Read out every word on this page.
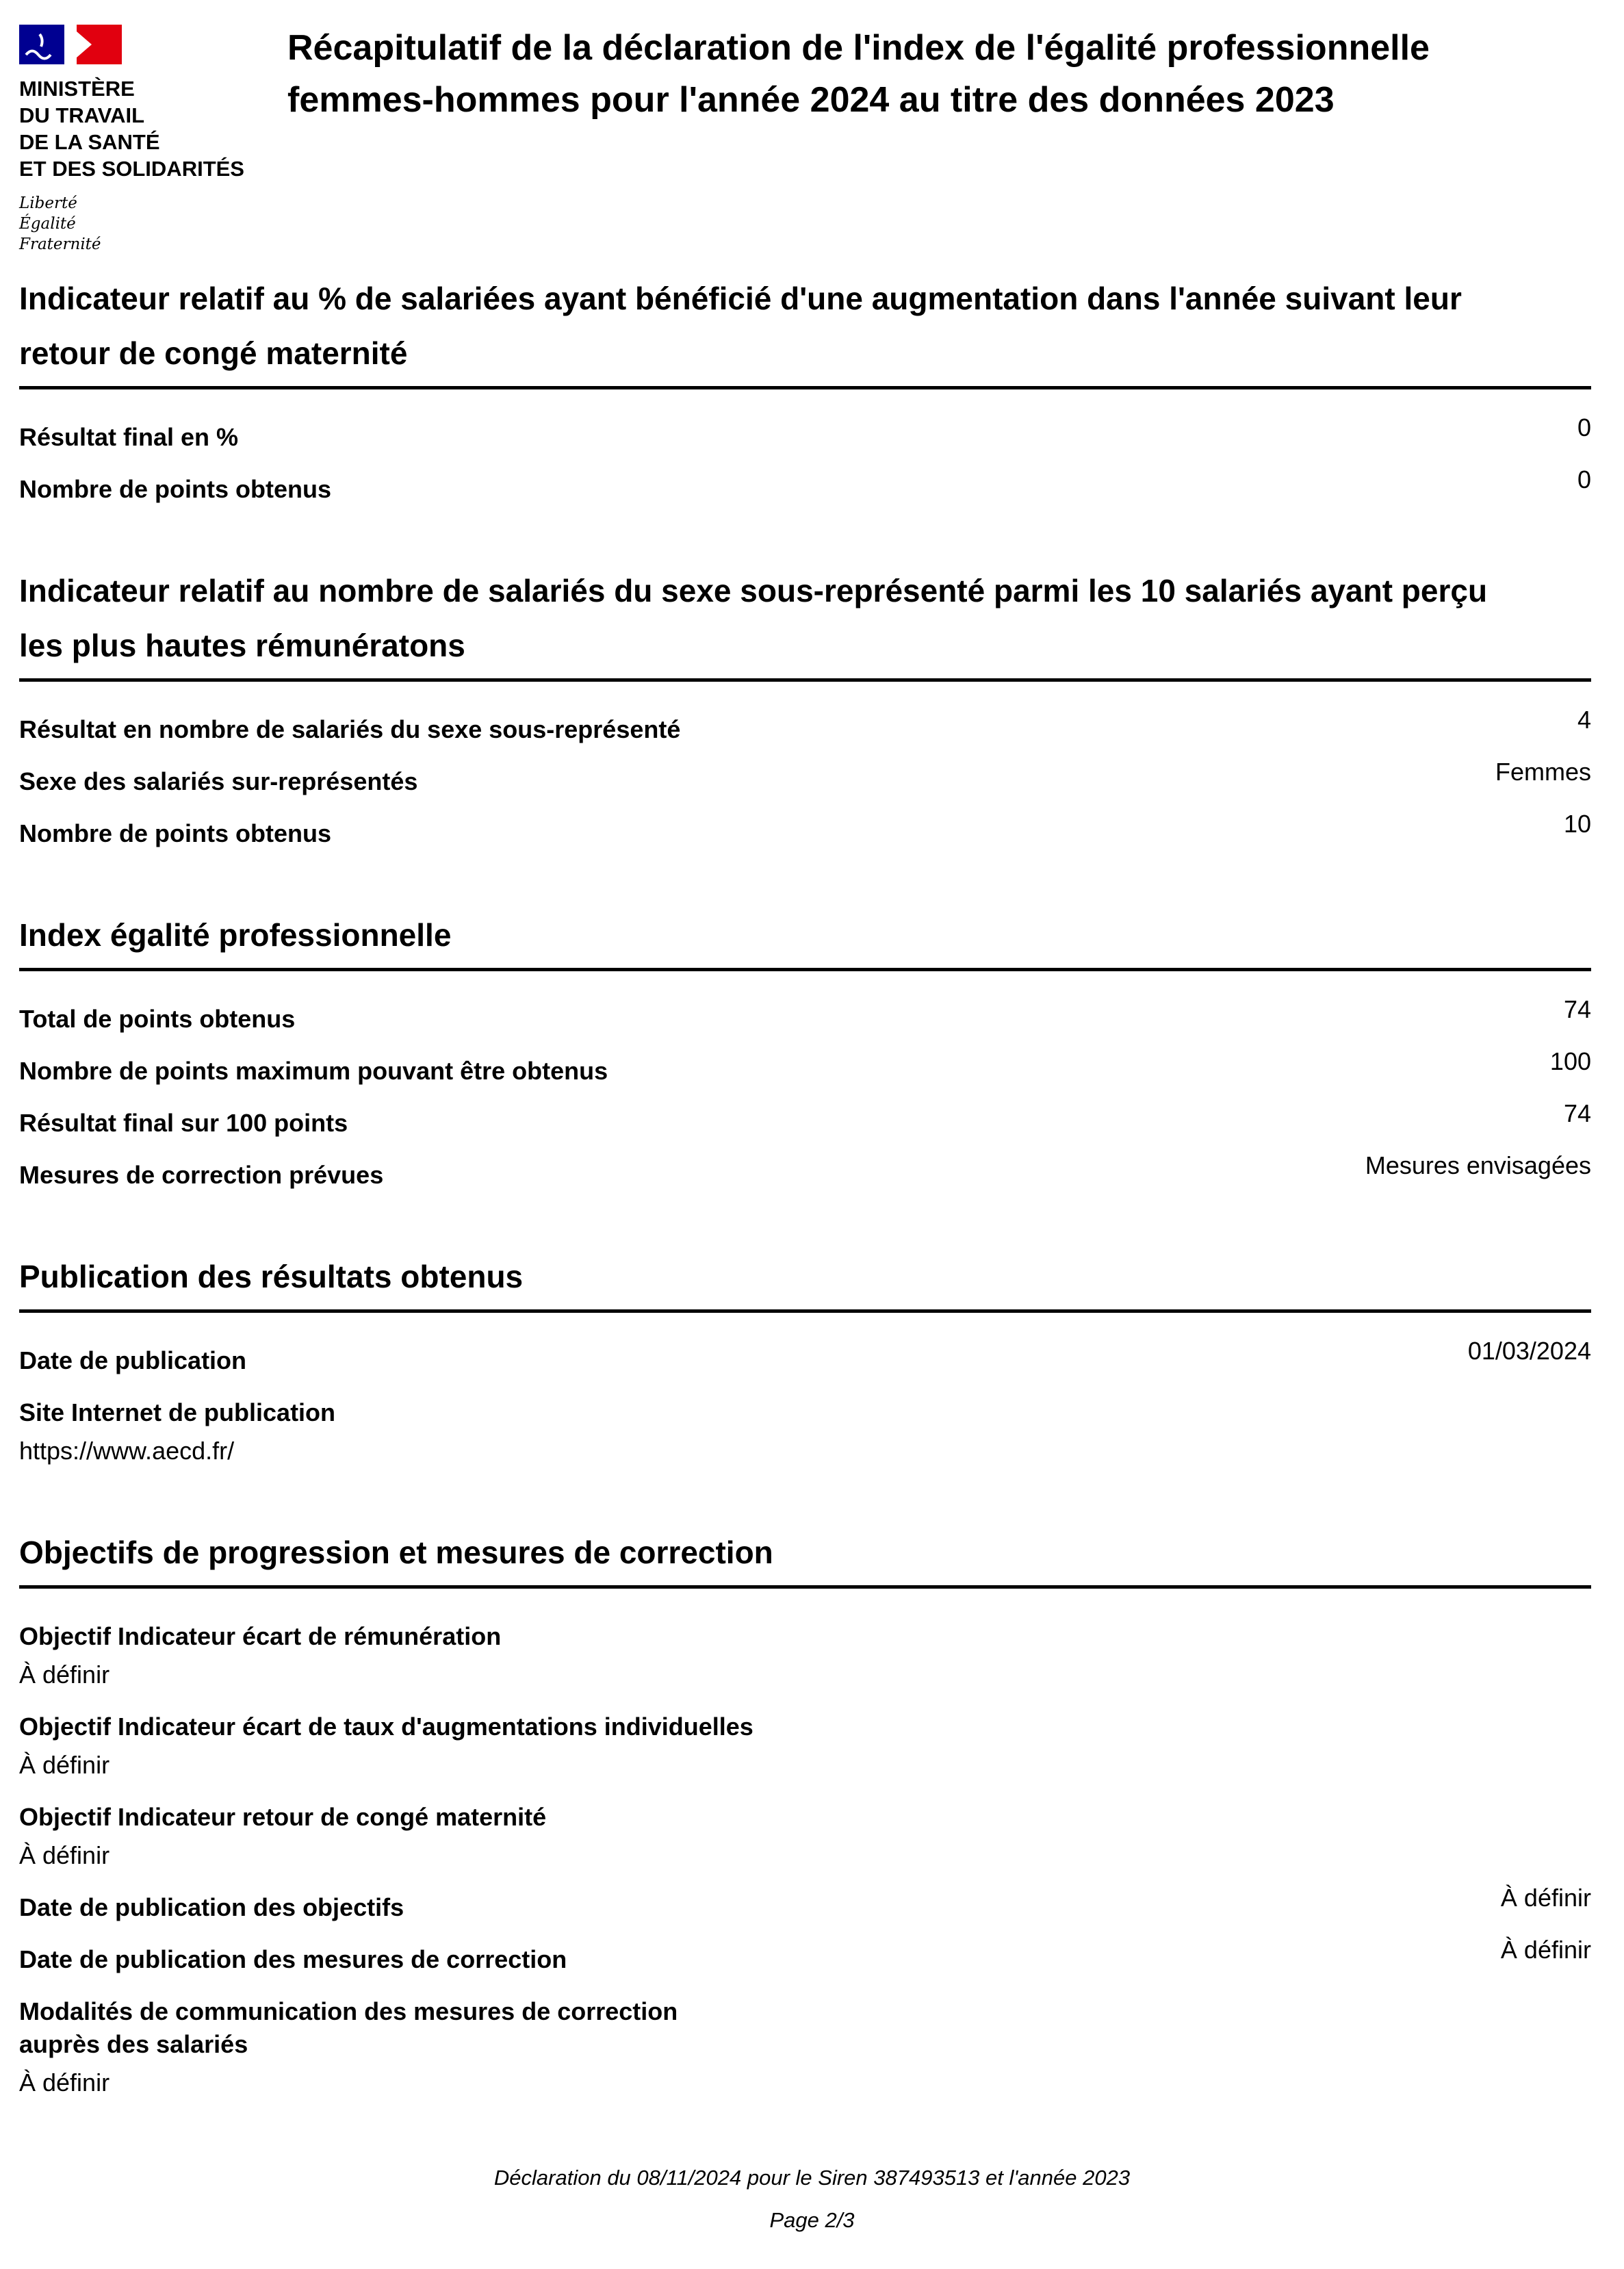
MINISTÈRE
DU TRAVAIL
DE LA SANTÉ
ET DES SOLIDARITÉS
Liberté
Égalité
Fraternité
Récapitulatif de la déclaration de l'index de l'égalité professionnelle femmes-hommes pour l'année 2024 au titre des données 2023
Indicateur relatif au % de salariées ayant bénéficié d'une augmentation dans l'année suivant leur retour de congé maternité
Résultat final en %	0
Nombre de points obtenus	0
Indicateur relatif au nombre de salariés du sexe sous-représenté parmi les 10 salariés ayant perçu les plus hautes rémunératons
Résultat en nombre de salariés du sexe sous-représenté	4
Sexe des salariés sur-représentés	Femmes
Nombre de points obtenus	10
Index égalité professionnelle
Total de points obtenus	74
Nombre de points maximum pouvant être obtenus	100
Résultat final sur 100 points	74
Mesures de correction prévues	Mesures envisagées
Publication des résultats obtenus
Date de publication	01/03/2024
Site Internet de publication
https://www.aecd.fr/
Objectifs de progression et mesures de correction
Objectif Indicateur écart de rémunération
À définir
Objectif Indicateur écart de taux d'augmentations individuelles
À définir
Objectif Indicateur retour de congé maternité
À définir
Date de publication des objectifs	À définir
Date de publication des mesures de correction	À définir
Modalités de communication des mesures de correction auprès des salariés
À définir
Déclaration du 08/11/2024 pour le Siren 387493513 et l'année 2023
Page 2/3
